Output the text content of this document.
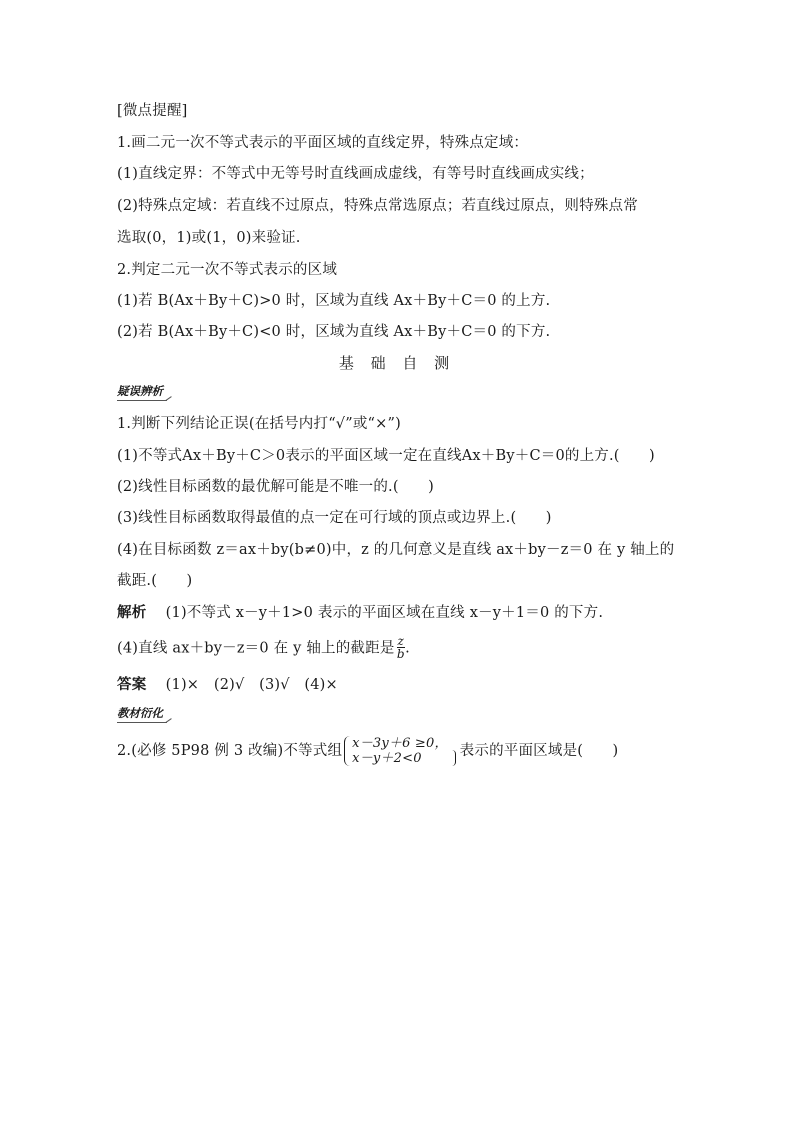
[微点提醒]
1.画二元一次不等式表示的平面区域的直线定界，特殊点定域：
(1)直线定界：不等式中无等号时直线画成虚线，有等号时直线画成实线；
(2)特殊点定域：若直线不过原点，特殊点常选原点；若直线过原点，则特殊点常
选取(0，1)或(1，0)来验证.
2.判定二元一次不等式表示的区域
(1)若 B(Ax＋By＋C)>0 时，区域为直线 Ax＋By＋C＝0 的上方.
(2)若 B(Ax＋By＋C)<0 时，区域为直线 Ax＋By＋C＝0 的下方.
基 础 自 测
疑误辨析
1.判断下列结论正误(在括号内打“√”或“×”)
(1)不等式Ax＋By＋C＞0表示的平面区域一定在直线Ax＋By＋C＝0的上方.(　　)
(2)线性目标函数的最优解可能是不唯一的.(　　)
(3)线性目标函数取得最值的点一定在可行域的顶点或边界上.(　　)
(4)在目标函数 z＝ax＋by(b≠0)中，z 的几何意义是直线 ax＋by－z＝0 在 y 轴上的
截距.(　　)
解析 (1)不等式 x－y＋1>0 表示的平面区域在直线 x－y＋1＝0 的下方.
(4)直线 ax＋by－z＝0 在 y 轴上的截距是 $\frac{z}{b}$ .
答案 (1)×　(2)√　(3)√　(4)×
教材衍化
2.(必修 5P98 例 3 改编)不等式组 x－3y＋6 ≥0，
x－y＋2<0	表示的平面区域是(　　)
